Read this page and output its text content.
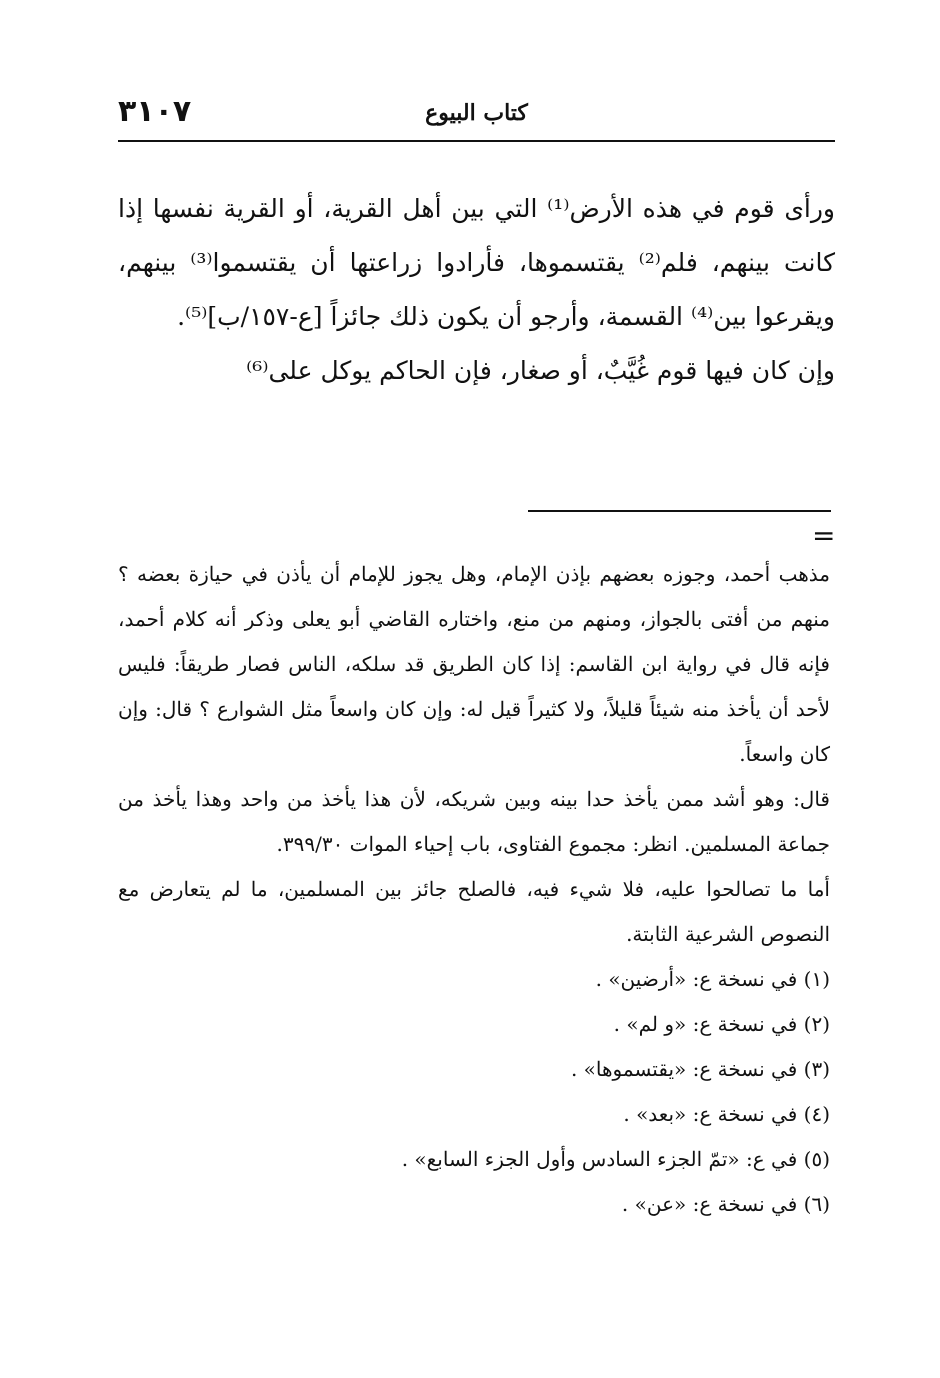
٣١٠٧	كتاب البيوع

ورأى قوم في هذه الأرض⁽¹⁾ التي بين أهل القرية، أو القرية نفسها إذا كانت بينهم، فلم⁽²⁾ يقتسموها، فأرادوا زراعتها أن يقتسموا⁽³⁾ بينهم، ويقرعوا بين⁽⁴⁾ القسمة، وأرجو أن يكون ذلك جائزاً [ع-١٥٧/ب]⁽⁵⁾.

وإن كان فيها قوم غُيَّبٌ، أو صغار، فإن الحاكم يوكل على⁽⁶⁾

=

مذهب أحمد، وجوزه بعضهم بإذن الإمام، وهل يجوز للإمام أن يأذن في حيازة بعضه ؟ منهم من أفتى بالجواز، ومنهم من منع، واختاره القاضي أبو يعلى وذكر أنه كلام أحمد، فإنه قال في رواية ابن القاسم: إذا كان الطريق قد سلكه، الناس فصار طريقاً: فليس لأحد أن يأخذ منه شيئاً قليلاً، ولا كثيراً قيل له: وإن كان واسعاً مثل الشوارع ؟ قال: وإن كان واسعاً.

قال: وهو أشد ممن يأخذ حدا بينه وبين شريكه، لأن هذا يأخذ من واحد وهذا يأخذ من جماعة المسلمين. انظر: مجموع الفتاوى، باب إحياء الموات ٣٩٩/٣٠.

أما ما تصالحوا عليه، فلا شيء فيه، فالصلح جائز بين المسلمين، ما لم يتعارض مع النصوص الشرعية الثابتة.

(١) في نسخة ع: «أرضين» .
(٢) في نسخة ع: «و لم» .
(٣) في نسخة ع: «يقتسموها» .
(٤) في نسخة ع: «بعد» .
(٥) في ع: «تمّ الجزء السادس وأول الجزء السابع» .
(٦) في نسخة ع: «عن» .
